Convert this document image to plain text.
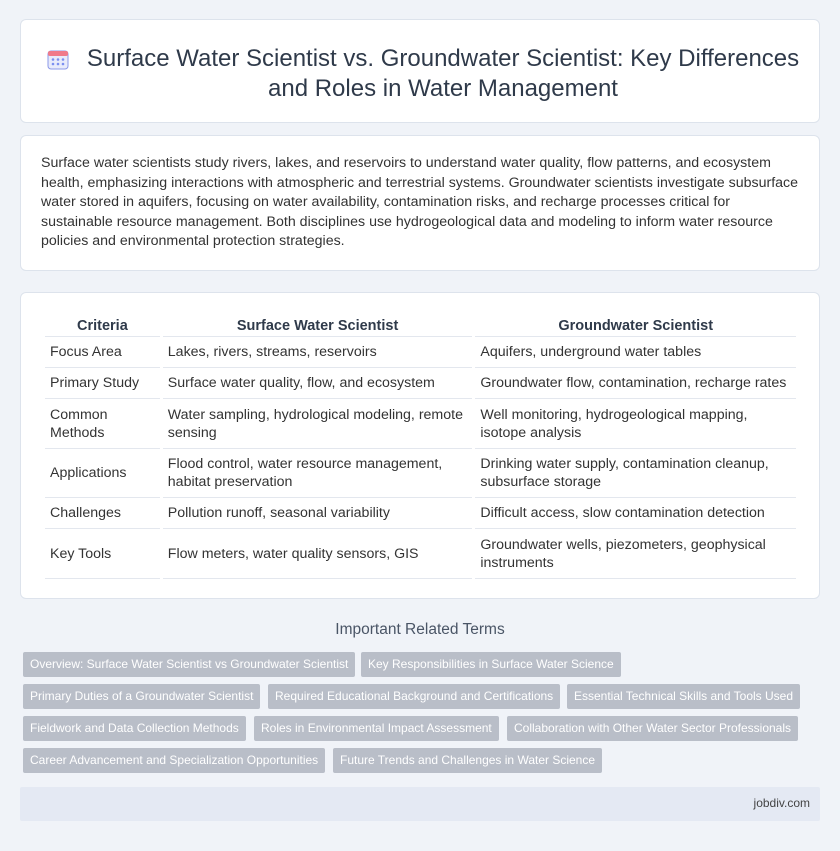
Surface Water Scientist vs. Groundwater Scientist: Key Differences and Roles in Water Management

Surface water scientists study rivers, lakes, and reservoirs to understand water quality, flow patterns, and ecosystem health, emphasizing interactions with atmospheric and terrestrial systems. Groundwater scientists investigate subsurface water stored in aquifers, focusing on water availability, contamination risks, and recharge processes critical for sustainable resource management. Both disciplines use hydrogeological data and modeling to inform water resource policies and environmental protection strategies.

Criteria	Surface Water Scientist	Groundwater Scientist
Focus Area	Lakes, rivers, streams, reservoirs	Aquifers, underground water tables
Primary Study	Surface water quality, flow, and ecosystem	Groundwater flow, contamination, recharge rates
Common Methods	Water sampling, hydrological modeling, remote sensing	Well monitoring, hydrogeological mapping, isotope analysis
Applications	Flood control, water resource management, habitat preservation	Drinking water supply, contamination cleanup, subsurface storage
Challenges	Pollution runoff, seasonal variability	Difficult access, slow contamination detection
Key Tools	Flow meters, water quality sensors, GIS	Groundwater wells, piezometers, geophysical instruments
Important Related Terms
Overview: Surface Water Scientist vs Groundwater Scientist	Key Responsibilities in Surface Water Science
Primary Duties of a Groundwater Scientist	Required Educational Background and Certifications	Essential Technical Skills and Tools Used
Fieldwork and Data Collection Methods	Roles in Environmental Impact Assessment	Collaboration with Other Water Sector Professionals
Career Advancement and Specialization Opportunities	Future Trends and Challenges in Water Science
jobdiv.com
